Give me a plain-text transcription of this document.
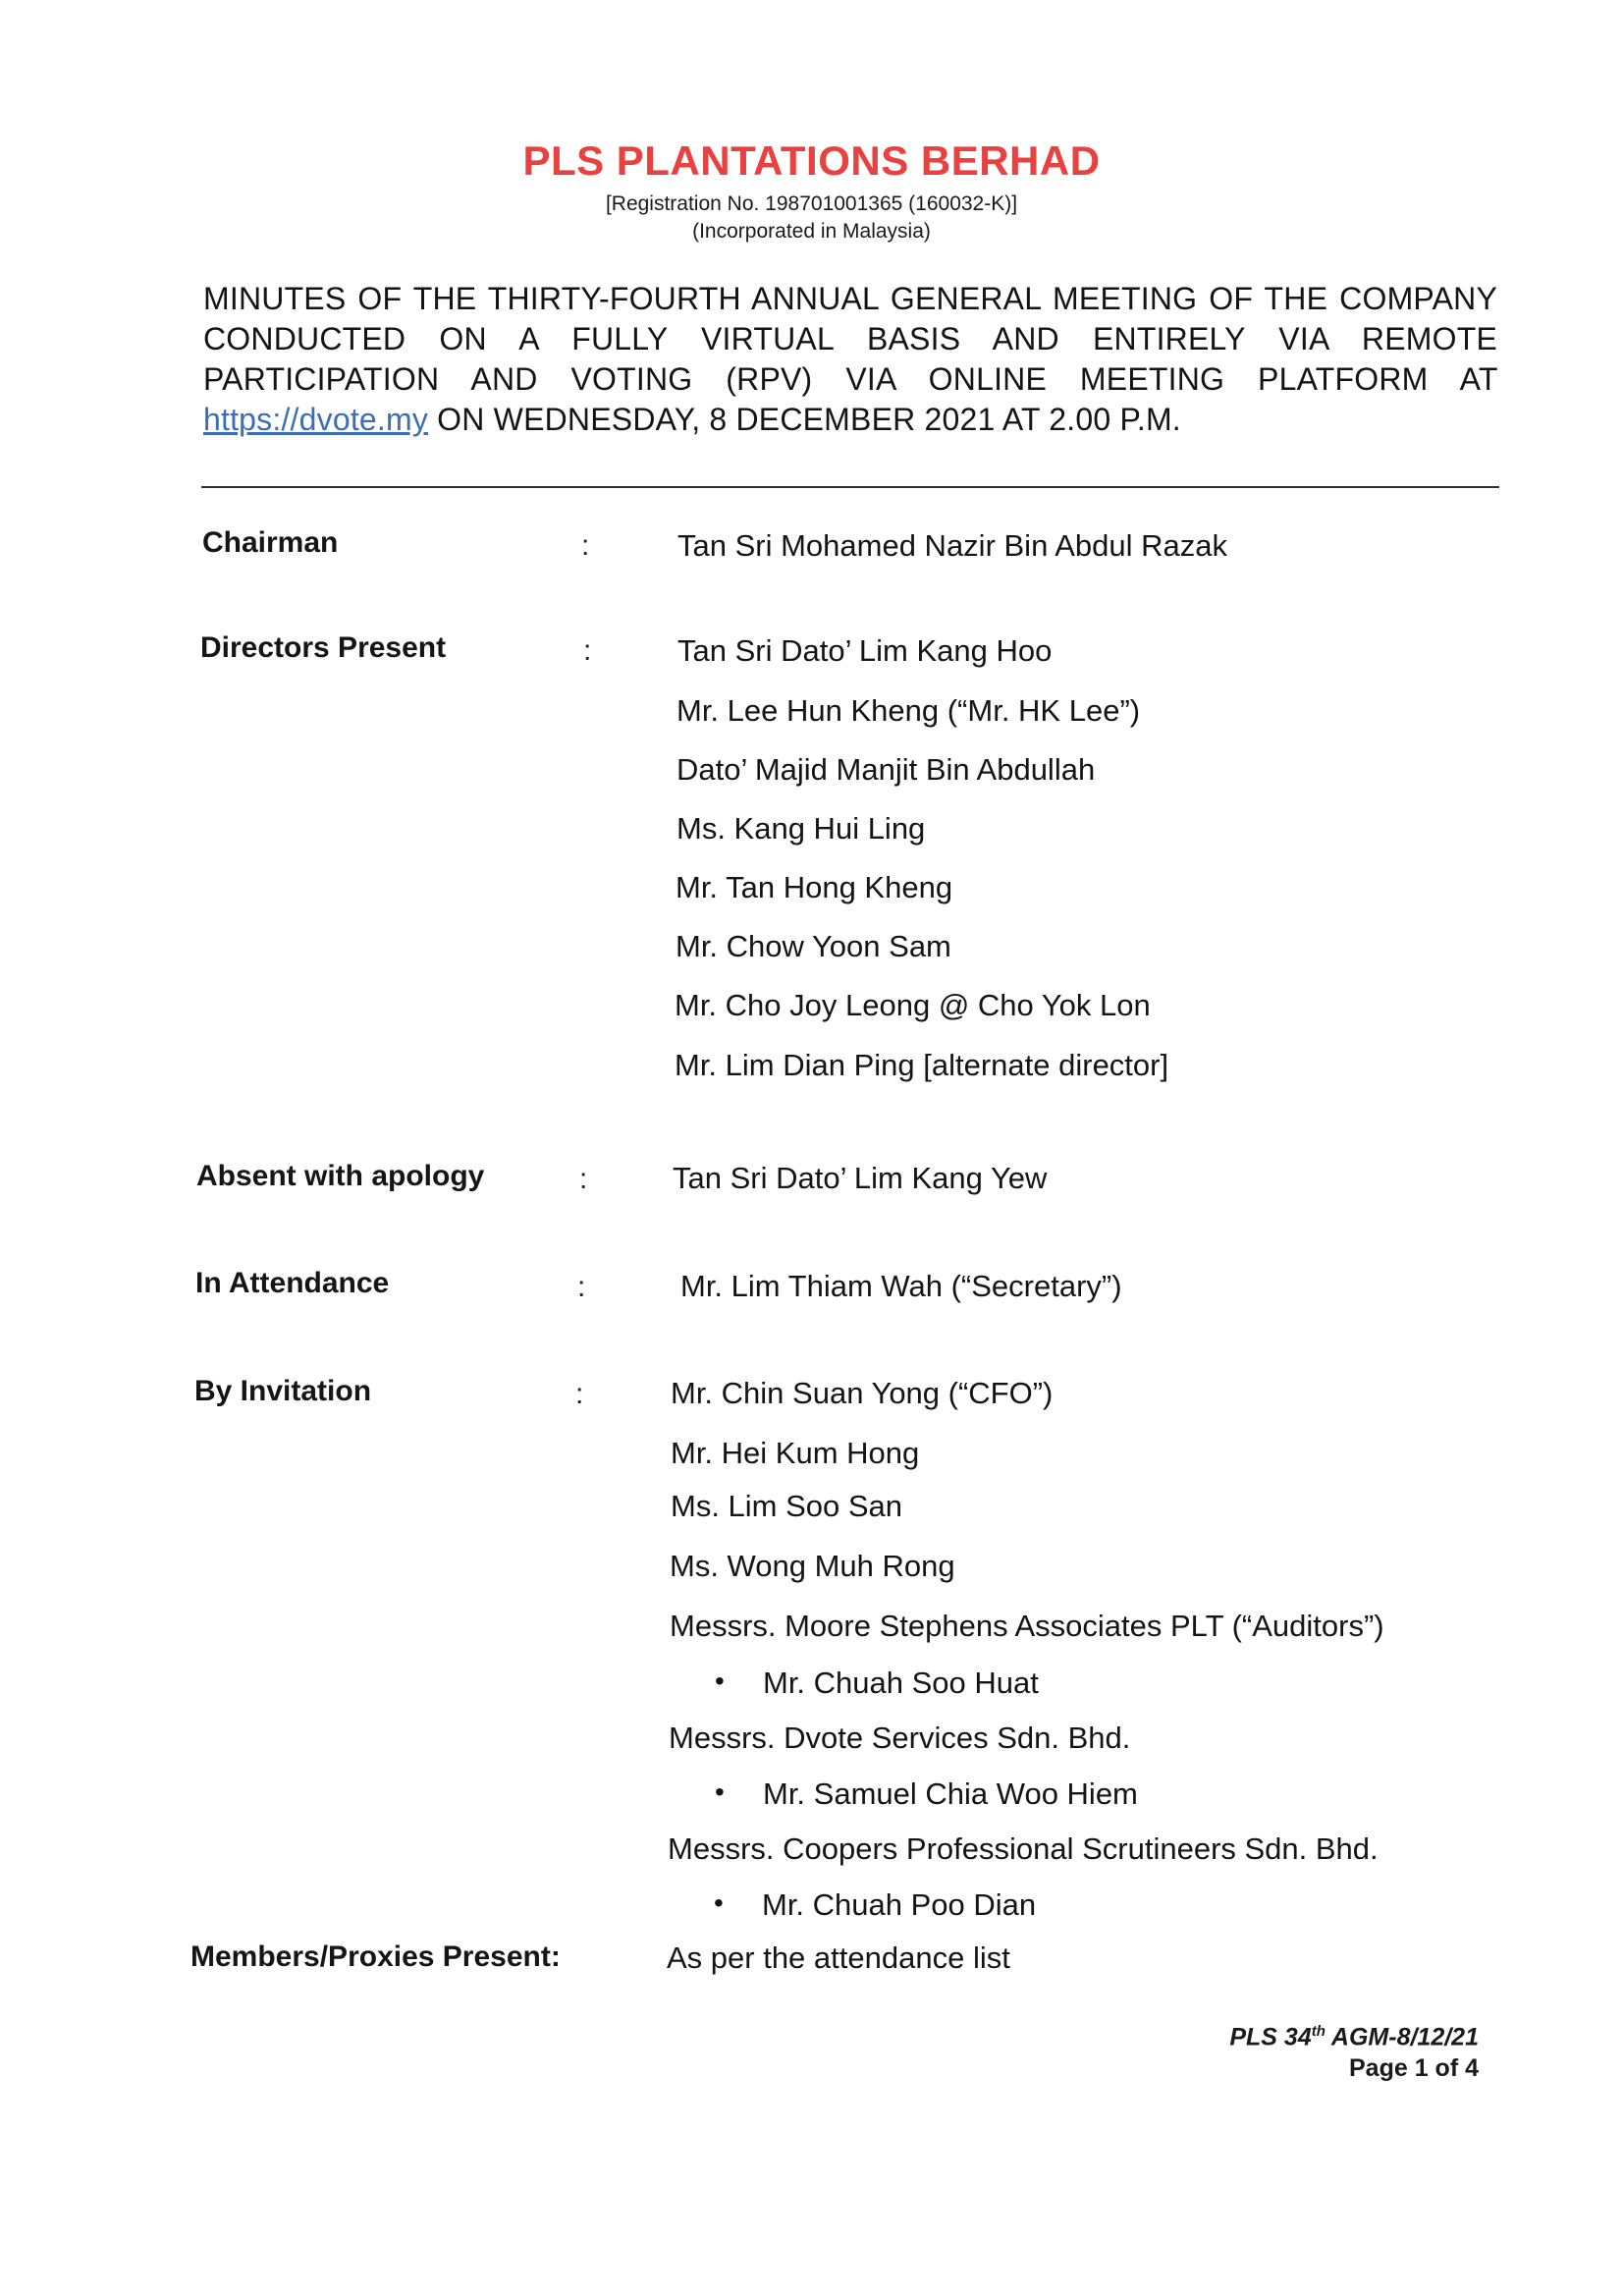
PLS PLANTATIONS BERHAD
[Registration No. 198701001365 (160032-K)]
(Incorporated in Malaysia)
MINUTES OF THE THIRTY-FOURTH ANNUAL GENERAL MEETING OF THE COMPANY CONDUCTED ON A FULLY VIRTUAL BASIS AND ENTIRELY VIA REMOTE PARTICIPATION AND VOTING (RPV) VIA ONLINE MEETING PLATFORM AT https://dvote.my ON WEDNESDAY, 8 DECEMBER 2021 AT 2.00 P.M.
Chairman	:	Tan Sri Mohamed Nazir Bin Abdul Razak
Directors Present	:	Tan Sri Dato’ Lim Kang Hoo
Mr. Lee Hun Kheng (“Mr. HK Lee”)
Dato’ Majid Manjit Bin Abdullah
Ms. Kang Hui Ling
Mr. Tan Hong Kheng
Mr. Chow Yoon Sam
Mr. Cho Joy Leong @ Cho Yok Lon
Mr. Lim Dian Ping [alternate director]
Absent with apology	:	Tan Sri Dato’ Lim Kang Yew
In Attendance	:	Mr. Lim Thiam Wah (“Secretary”)
By Invitation	:	Mr. Chin Suan Yong (“CFO”)
Mr. Hei Kum Hong
Ms. Lim Soo San
Ms. Wong Muh Rong
Messrs. Moore Stephens Associates PLT (“Auditors”)
• Mr. Chuah Soo Huat
Messrs. Dvote Services Sdn. Bhd.
• Mr. Samuel Chia Woo Hiem
Messrs. Coopers Professional Scrutineers Sdn. Bhd.
• Mr. Chuah Poo Dian
Members/Proxies Present:	As per the attendance list
PLS 34th AGM-8/12/21
Page 1 of 4
